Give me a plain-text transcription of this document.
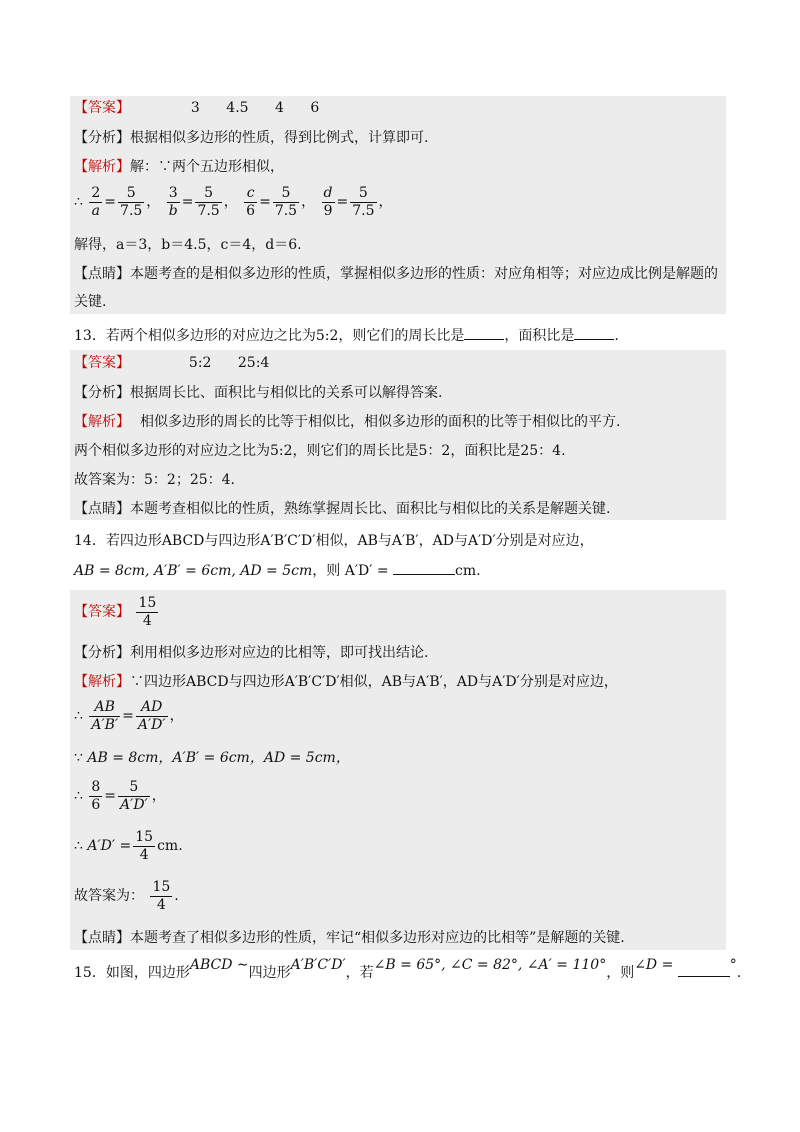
【答案】	3 4.5 4 6
【分析】根据相似多边形的性质，得到比例式，计算即可.
【解析】解：∵两个五边形相似，
∴ $\frac{2}{a} = \frac{5}{7.5}$ ， $\frac{3}{b} = \frac{5}{7.5}$ ， $\frac{c}{6} = \frac{5}{7.5}$ ， $\frac{d}{9} = \frac{5}{7.5}$ ，
解得，a＝3，b＝4.5，c＝4，d＝6.
【点睛】本题考查的是相似多边形的性质，掌握相似多边形的性质：对应角相等；对应边成比例是解题的
关键.
13．若两个相似多边形的对应边之比为5:2，则它们的周长比是	，面积比是	.
【答案】	5:2 25:4
【分析】根据周长比、面积比与相似比的关系可以解得答案.
【解析】 相似多边形的周长的比等于相似比，相似多边形的面积的比等于相似比的平方.
两个相似多边形的对应边之比为5:2，则它们的周长比是5：2，面积比是25：4.
故答案为：5：2；25：4.
【点睛】本题考查相似比的性质，熟练掌握周长比、面积比与相似比的关系是解题关键.
14．若四边形ABCD与四边形A′B′C′D′相似，AB与A′B′，AD与A′D′分别是对应边，
AB = 8cm, A′B′ = 6cm, AD = 5cm，则 A′D′ =	cm.
【答案】 $\frac{15}{4}$
【分析】利用相似多边形对应边的比相等，即可找出结论.
【解析】∵四边形ABCD与四边形A′B′C′D′相似，AB与A′B′，AD与A′D′分别是对应边，
∴ $\frac{AB}{A'B'} = \frac{AD}{A'D'}$ ，
∵ AB = 8cm，A′B′ = 6cm，AD = 5cm，
∴ $\frac{8}{6} = \frac{5}{A'D'}$ ，
∴ $A'D' = \frac{15}{4}$ cm.
故答案为： $\frac{15}{4}$ .
【点睛】本题考查了相似多边形的性质，牢记“相似多边形对应边的比相等”是解题的关键.
15．如图，四边形ABCD ∼四边形A′B′C′D′，若∠B = 65°, ∠C = 82°, ∠A′ = 110°，则∠D =	°.
